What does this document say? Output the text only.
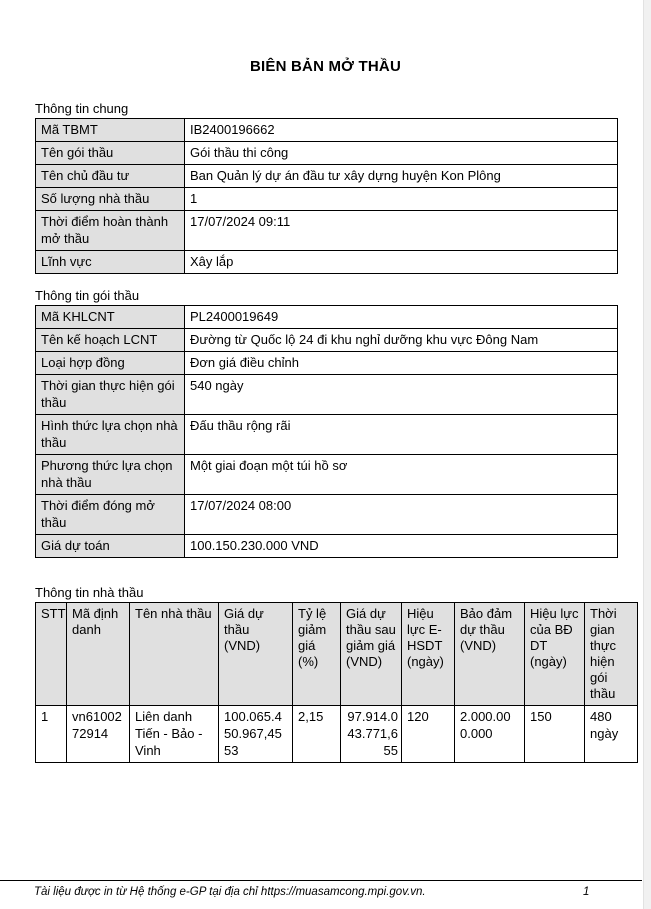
BIÊN BẢN MỞ THẦU
Thông tin chung
Mã TBMT	IB2400196662
Tên gói thầu	Gói thầu thi công
Tên chủ đầu tư	Ban Quản lý dự án đầu tư xây dựng huyện Kon Plông
Số lượng nhà thầu	1
Thời điểm hoàn thành mở thầu	17/07/2024 09:11
Lĩnh vực	Xây lắp
Thông tin gói thầu
Mã KHLCNT	PL2400019649
Tên kế hoạch LCNT	Đường từ Quốc lộ 24 đi khu nghỉ dưỡng khu vực Đông Nam
Loại hợp đồng	Đơn giá điều chỉnh
Thời gian thực hiện gói thầu	540 ngày
Hình thức lựa chọn nhà thầu	Đấu thầu rộng rãi
Phương thức lựa chọn nhà thầu	Một giai đoạn một túi hồ sơ
Thời điểm đóng mở thầu	17/07/2024 08:00
Giá dự toán	100.150.230.000 VND
Thông tin nhà thầu
STT	Mã định danh	Tên nhà thầu	Giá dự thầu (VND)	Tỷ lệ giảm giá (%)	Giá dự thầu sau giảm giá (VND)	Hiệu lực E-HSDT (ngày)	Bảo đảm dự thầu (VND)	Hiệu lực của BĐ DT (ngày)	Thời gian thực hiện gói thầu
1	vn6100272914	Liên danh Tiến - Bảo - Vinh	100.065.450.967,4553	2,15	97.914.043.771,655	120	2.000.000.000	150	480 ngày
Tài liệu được in từ Hệ thống e-GP tại địa chỉ https://muasamcong.mpi.gov.vn.	1
